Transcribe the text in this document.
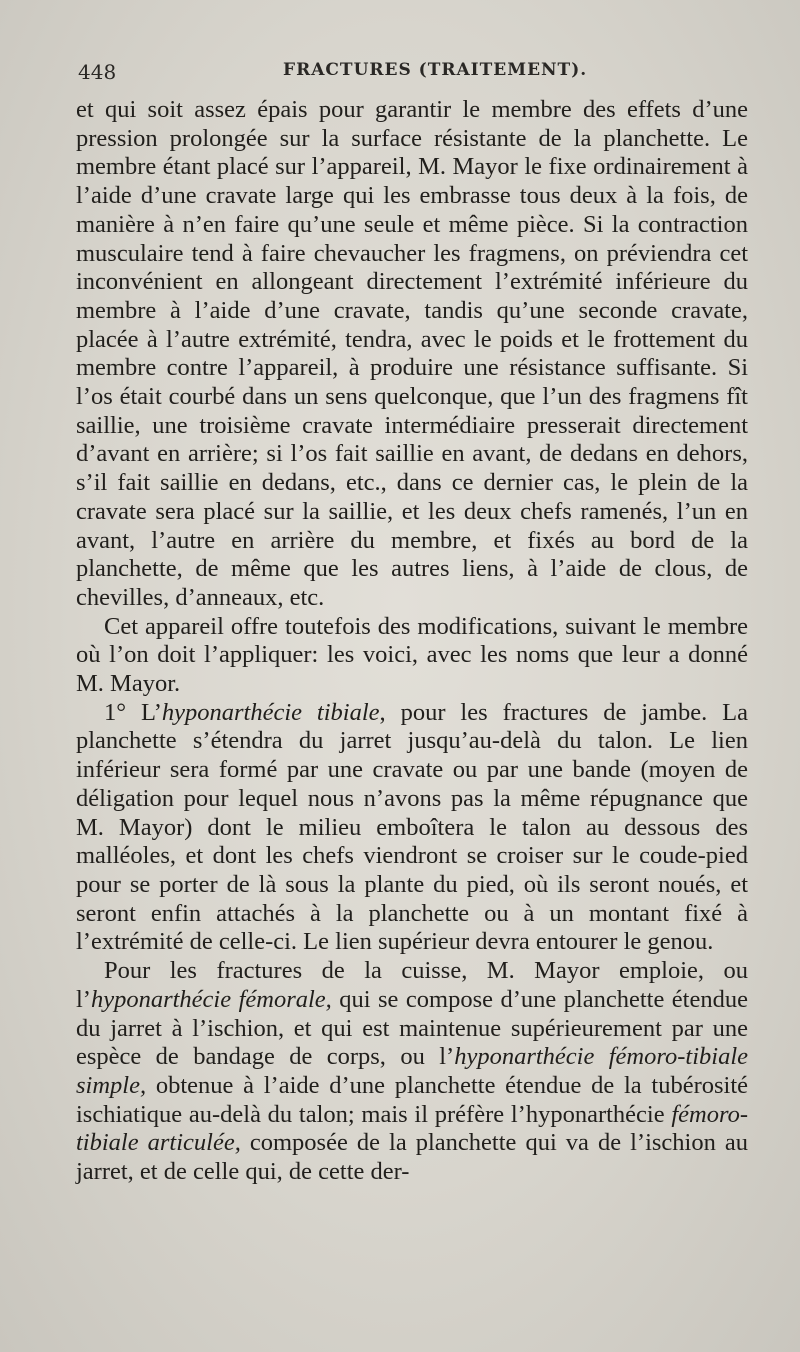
448	FRACTURES (TRAITEMENT).

et qui soit assez épais pour garantir le membre des effets d’une pression prolongée sur la surface résistante de la planchette. Le membre étant placé sur l’appareil, M. Mayor le fixe ordinairement à l’aide d’une cravate large qui les embrasse tous deux à la fois, de manière à n’en faire qu’une seule et même pièce. Si la contraction musculaire tend à faire chevaucher les fragmens, on préviendra cet inconvénient en allongeant directement l’extrémité inférieure du membre à l’aide d’une cravate, tandis qu’une seconde cravate, placée à l’autre extrémité, tendra, avec le poids et le frottement du membre contre l’appareil, à produire une résistance suffisante. Si l’os était courbé dans un sens quelconque, que l’un des fragmens fît saillie, une troisième cravate intermédiaire presserait directement d’avant en arrière; si l’os fait saillie en avant, de dedans en dehors, s’il fait saillie en dedans, etc., dans ce dernier cas, le plein de la cravate sera placé sur la saillie, et les deux chefs ramenés, l’un en avant, l’autre en arrière du membre, et fixés au bord de la planchette, de même que les autres liens, à l’aide de clous, de chevilles, d’anneaux, etc.

Cet appareil offre toutefois des modifications, suivant le membre où l’on doit l’appliquer: les voici, avec les noms que leur a donné M. Mayor.

1° L’hyponarthécie tibiale, pour les fractures de jambe. La planchette s’étendra du jarret jusqu’au-delà du talon. Le lien inférieur sera formé par une cravate ou par une bande (moyen de déligation pour lequel nous n’avons pas la même répugnance que M. Mayor) dont le milieu emboîtera le talon au dessous des malléoles, et dont les chefs viendront se croiser sur le coude-pied pour se porter de là sous la plante du pied, où ils seront noués, et seront enfin attachés à la planchette ou à un montant fixé à l’extrémité de celle-ci. Le lien supérieur devra entourer le genou.

Pour les fractures de la cuisse, M. Mayor emploie, ou l’hyponarthécie fémorale, qui se compose d’une planchette étendue du jarret à l’ischion, et qui est maintenue supérieurement par une espèce de bandage de corps, ou l’hyponarthécie fémoro-tibiale simple, obtenue à l’aide d’une planchette étendue de la tubérosité ischiatique au-delà du talon; mais il préfère l’hyponarthécie fémoro-tibiale articulée, composée de la planchette qui va de l’ischion au jarret, et de celle qui, de cette der-
